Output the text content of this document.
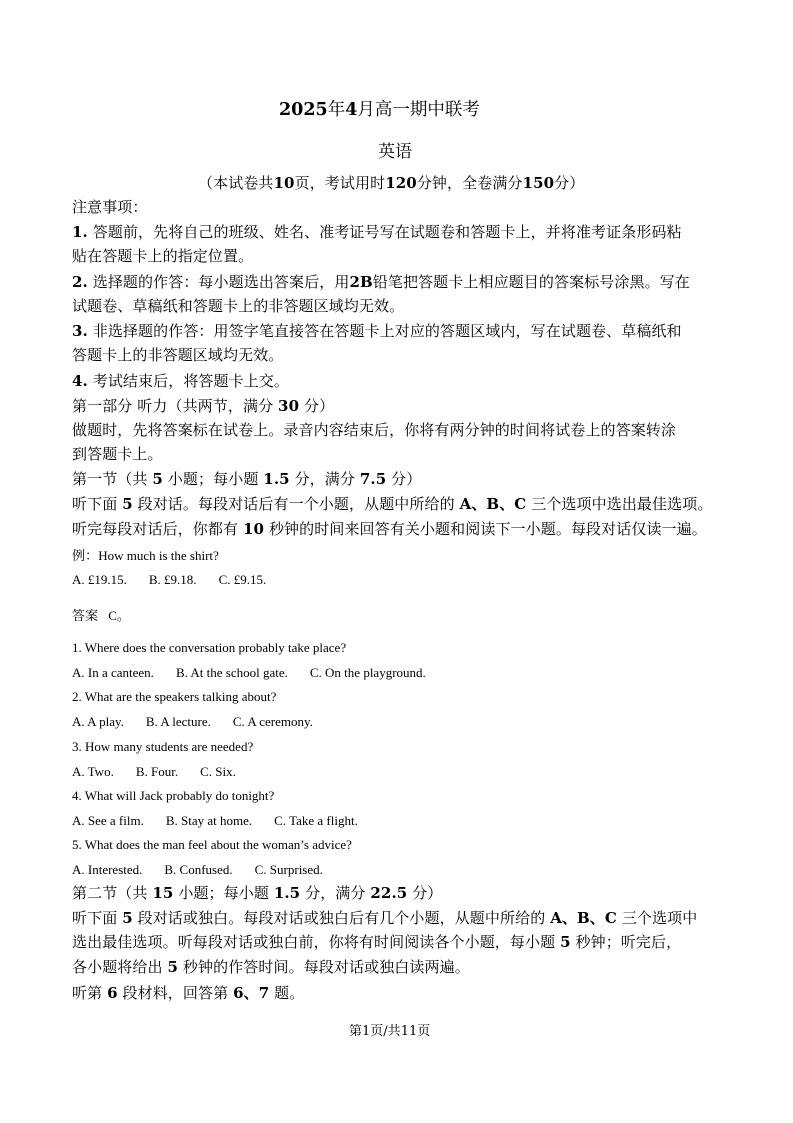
2025年4月高一期中联考
英语
（本试卷共10页，考试用时120分钟，全卷满分150分）
注意事项：
1. 答题前，先将自己的班级、姓名、准考证号写在试题卷和答题卡上，并将准考证条形码粘
贴在答题卡上的指定位置。
2. 选择题的作答：每小题选出答案后，用2B铅笔把答题卡上相应题目的答案标号涂黑。写在
试题卷、草稿纸和答题卡上的非答题区域均无效。
3. 非选择题的作答：用签字笔直接答在答题卡上对应的答题区域内，写在试题卷、草稿纸和
答题卡上的非答题区域均无效。
4. 考试结束后，将答题卡上交。
第一部分 听力（共两节，满分 30 分）
做题时，先将答案标在试卷上。录音内容结束后，你将有两分钟的时间将试卷上的答案转涂
到答题卡上。
第一节（共 5 小题；每小题 1.5 分，满分 7.5 分）
听下面 5 段对话。每段对话后有一个小题，从题中所给的 A、B、C 三个选项中选出最佳选项。
听完每段对话后，你都有 10 秒钟的时间来回答有关小题和阅读下一小题。每段对话仅读一遍。
例：How much is the shirt?
A. £19.15. B. £9.18. C. £9.15.
答案 C。
1. Where does the conversation probably take place?
A. In a canteen. B. At the school gate. C. On the playground.
2. What are the speakers talking about?
A. A play. B. A lecture. C. A ceremony.
3. How many students are needed?
A. Two. B. Four. C. Six.
4. What will Jack probably do tonight?
A. See a film. B. Stay at home. C. Take a flight.
5. What does the man feel about the woman’s advice?
A. Interested. B. Confused. C. Surprised.
第二节（共 15 小题；每小题 1.5 分，满分 22.5 分）
听下面 5 段对话或独白。每段对话或独白后有几个小题，从题中所给的 A、B、C 三个选项中
选出最佳选项。听每段对话或独白前，你将有时间阅读各个小题，每小题 5 秒钟；听完后，
各小题将给出 5 秒钟的作答时间。每段对话或独白读两遍。
听第 6 段材料，回答第 6、7 题。
第1页/共11页
